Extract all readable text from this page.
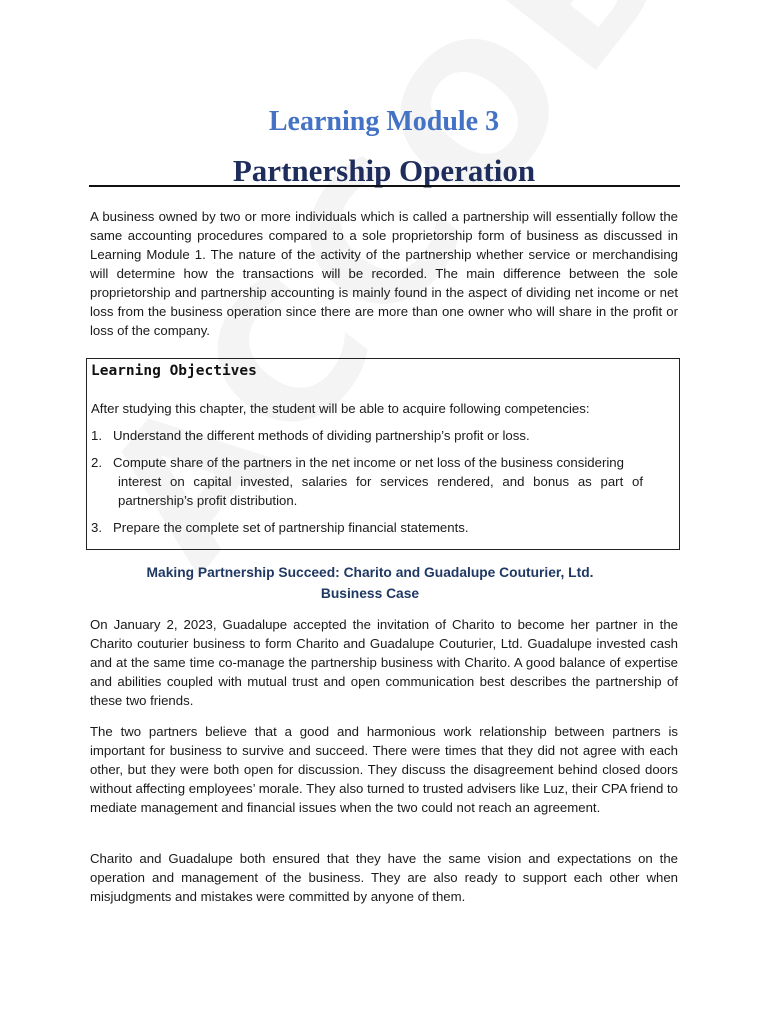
Learning Module 3
Partnership Operation

A business owned by two or more individuals which is called a partnership will essentially follow the same accounting procedures compared to a sole proprietorship form of business as discussed in Learning Module 1. The nature of the activity of the partnership whether service or merchandising will determine how the transactions will be recorded. The main difference between the sole proprietorship and partnership accounting is mainly found in the aspect of dividing net income or net loss from the business operation since there are more than one owner who will share in the profit or loss of the company.

Learning Objectives
After studying this chapter, the student will be able to acquire following competencies:
1. Understand the different methods of dividing partnership’s profit or loss.
2. Compute share of the partners in the net income or net loss of the business considering
interest on capital invested, salaries for services rendered, and bonus as part of partnership’s profit distribution.
3. Prepare the complete set of partnership financial statements.
Making Partnership Succeed: Charito and Guadalupe Couturier, Ltd.
Business Case

On January 2, 2023, Guadalupe accepted the invitation of Charito to become her partner in the Charito couturier business to form Charito and Guadalupe Couturier, Ltd. Guadalupe invested cash and at the same time co-manage the partnership business with Charito. A good balance of expertise and abilities coupled with mutual trust and open communication best describes the partnership of these two friends.

The two partners believe that a good and harmonious work relationship between partners is important for business to survive and succeed. There were times that they did not agree with each other, but they were both open for discussion. They discuss the disagreement behind closed doors without affecting employees’ morale. They also turned to trusted advisers like Luz, their CPA friend to mediate management and financial issues when the two could not reach an agreement.

Charito and Guadalupe both ensured that they have the same vision and expectations on the operation and management of the business. They are also ready to support each other when misjudgments and mistakes were committed by anyone of them.
